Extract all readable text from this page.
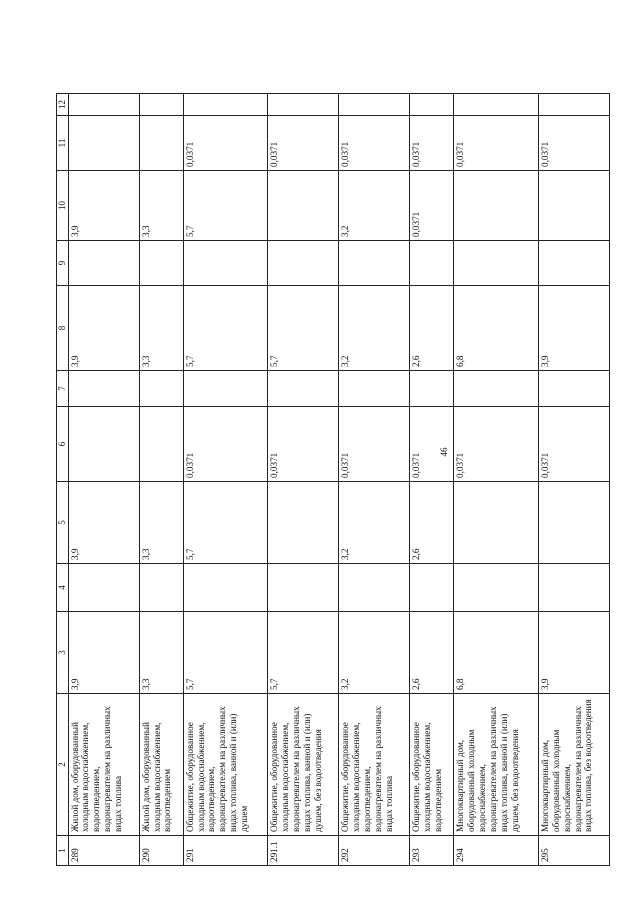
46
1	2	3	4	5	6	7	8	9	10	11	12
289	Жилой дом, оборудованный холодным водоснабжением, водоотведением, водонагревателем на различных видах топлива	3,9		3,9			3,9		3,9		
290	Жилой дом, оборудованный холодным водоснабжением, водоотведением	3,3		3,3			3,3		3,3		
291	Общежитие, оборудованное холодным водоснабжением, водоотведением, водонагревателем на различных видах топлива, ванной и (или) душем	5,7		5,7	0,0371		5,7		5,7	0,0371	
291.1	Общежитие, оборудованное холодным водоснабжением, водонагревателем на различных видах топлива, ванной и (или) душем, без водоотведения	5,7			0,0371		5,7			0,0371	
292	Общежитие, оборудованное холодным водоснабжением, водоотведением, водонагревателем на различных видах топлива	3,2		3,2	0,0371		3,2		3,2	0,0371	
293	Общежитие, оборудованное холодным водоснабжением, водоотведением	2,6		2,6	0,0371		2,6		0,0371	0,0371	
294	Многоквартирный дом, оборудованный холодным водоснабжением, водонагревателем на различных видах топлива, ванной и (или) душем, без водоотведения	6,8			0,0371		6,8			0,0371	
295	Многоквартирный дом, оборудованный холодным водоснабжением, водонагревателем на различных видах топлива, без водоотведения	3,9			0,0371		3,9			0,0371	
